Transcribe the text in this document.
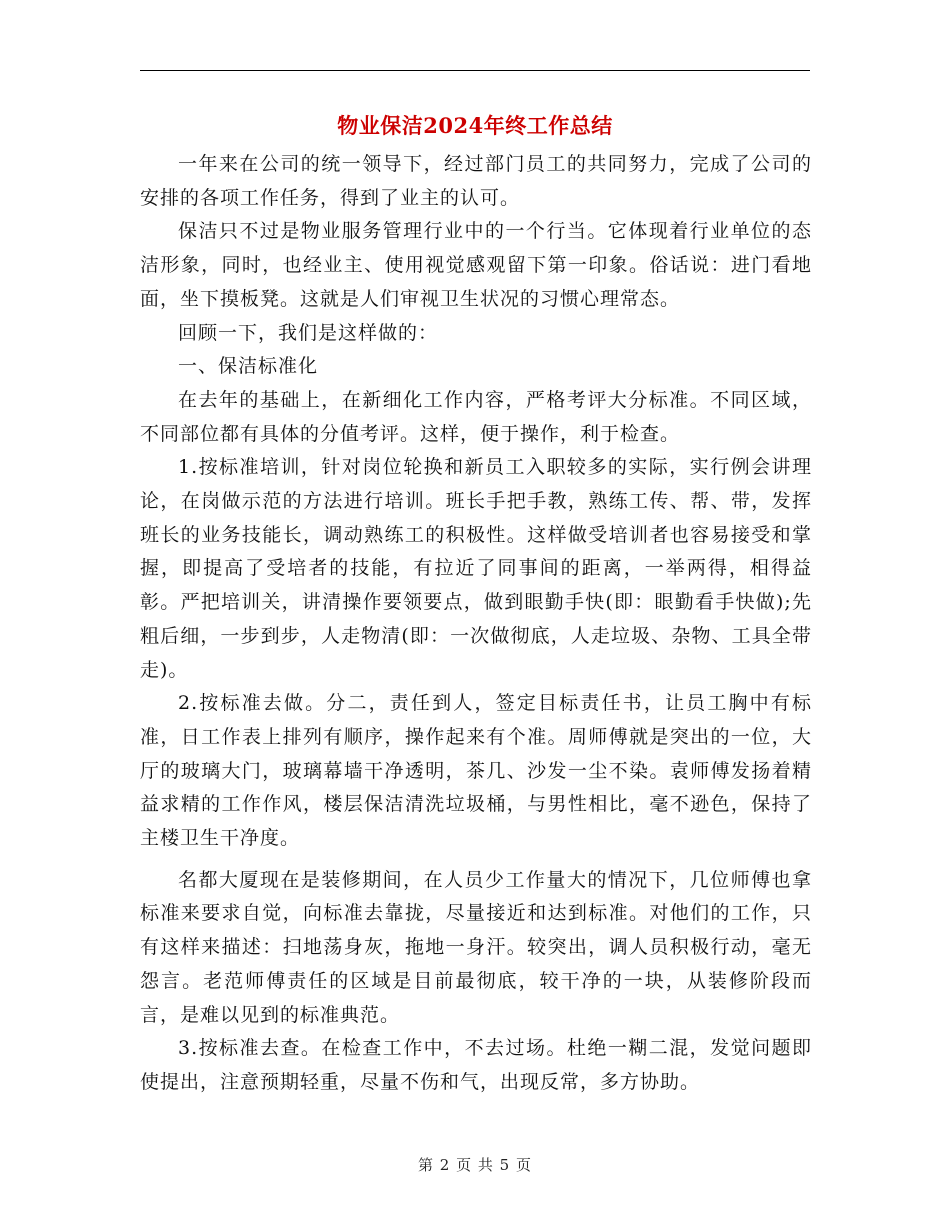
物业保洁2024年终工作总结

一年来在公司的统一领导下，经过部门员工的共同努力，完成了公司的安排的各项工作任务，得到了业主的认可。

保洁只不过是物业服务管理行业中的一个行当。它体现着行业单位的态洁形象，同时，也经业主、使用视觉感观留下第一印象。俗话说：进门看地面，坐下摸板凳。这就是人们审视卫生状况的习惯心理常态。

回顾一下，我们是这样做的：

一、保洁标准化

在去年的基础上，在新细化工作内容，严格考评大分标准。不同区域，不同部位都有具体的分值考评。这样，便于操作，利于检查。

1.按标准培训，针对岗位轮换和新员工入职较多的实际，实行例会讲理论，在岗做示范的方法进行培训。班长手把手教，熟练工传、帮、带，发挥班长的业务技能长，调动熟练工的积极性。这样做受培训者也容易接受和掌握，即提高了受培者的技能，有拉近了同事间的距离，一举两得，相得益彰。严把培训关，讲清操作要领要点，做到眼勤手快(即：眼勤看手快做);先粗后细，一步到步，人走物清(即：一次做彻底，人走垃圾、杂物、工具全带走)。

2.按标准去做。分二，责任到人，签定目标责任书，让员工胸中有标准，日工作表上排列有顺序，操作起来有个准。周师傅就是突出的一位，大厅的玻璃大门，玻璃幕墙干净透明，茶几、沙发一尘不染。袁师傅发扬着精益求精的工作作风，楼层保洁清洗垃圾桶，与男性相比，毫不逊色，保持了主楼卫生干净度。

名都大厦现在是装修期间，在人员少工作量大的情况下，几位师傅也拿标准来要求自觉，向标准去靠拢，尽量接近和达到标准。对他们的工作，只有这样来描述：扫地荡身灰，拖地一身汗。较突出，调人员积极行动，毫无怨言。老范师傅责任的区域是目前最彻底，较干净的一块，从装修阶段而言，是难以见到的标准典范。

3.按标准去查。在检查工作中，不去过场。杜绝一糊二混，发觉问题即使提出，注意预期轻重，尽量不伤和气，出现反常，多方协助。

第 2 页 共 5 页
